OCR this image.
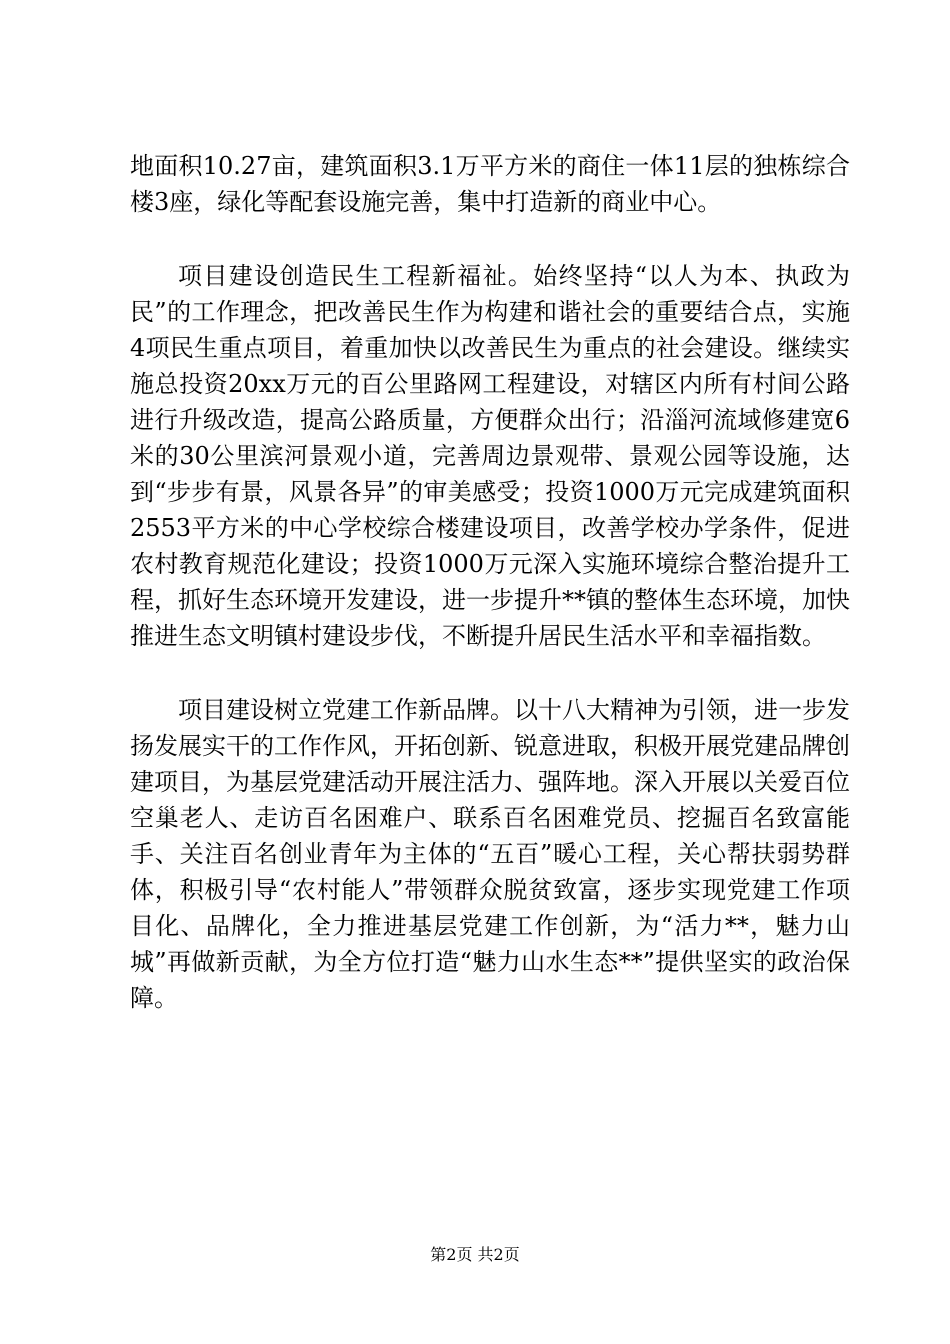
地面积10.27亩，建筑面积3.1万平方米的商住一体11层的独栋综合楼3座，绿化等配套设施完善，集中打造新的商业中心。

项目建设创造民生工程新福祉。始终坚持“以人为本、执政为民”的工作理念，把改善民生作为构建和谐社会的重要结合点，实施4项民生重点项目，着重加快以改善民生为重点的社会建设。继续实施总投资20xx万元的百公里路网工程建设，对辖区内所有村间公路进行升级改造，提高公路质量，方便群众出行；沿淄河流域修建宽6米的30公里滨河景观小道，完善周边景观带、景观公园等设施，达到“步步有景，风景各异”的审美感受；投资1000万元完成建筑面积2553平方米的中心学校综合楼建设项目，改善学校办学条件，促进农村教育规范化建设；投资1000万元深入实施环境综合整治提升工程，抓好生态环境开发建设，进一步提升**镇的整体生态环境，加快推进生态文明镇村建设步伐，不断提升居民生活水平和幸福指数。

项目建设树立党建工作新品牌。以十八大精神为引领，进一步发扬发展实干的工作作风，开拓创新、锐意进取，积极开展党建品牌创建项目，为基层党建活动开展注活力、强阵地。深入开展以关爱百位空巢老人、走访百名困难户、联系百名困难党员、挖掘百名致富能手、关注百名创业青年为主体的“五百”暖心工程，关心帮扶弱势群体，积极引导“农村能人”带领群众脱贫致富，逐步实现党建工作项目化、品牌化，全力推进基层党建工作创新，为“活力**，魅力山城”再做新贡献，为全方位打造“魅力山水生态**”提供坚实的政治保障。

第2页 共2页
